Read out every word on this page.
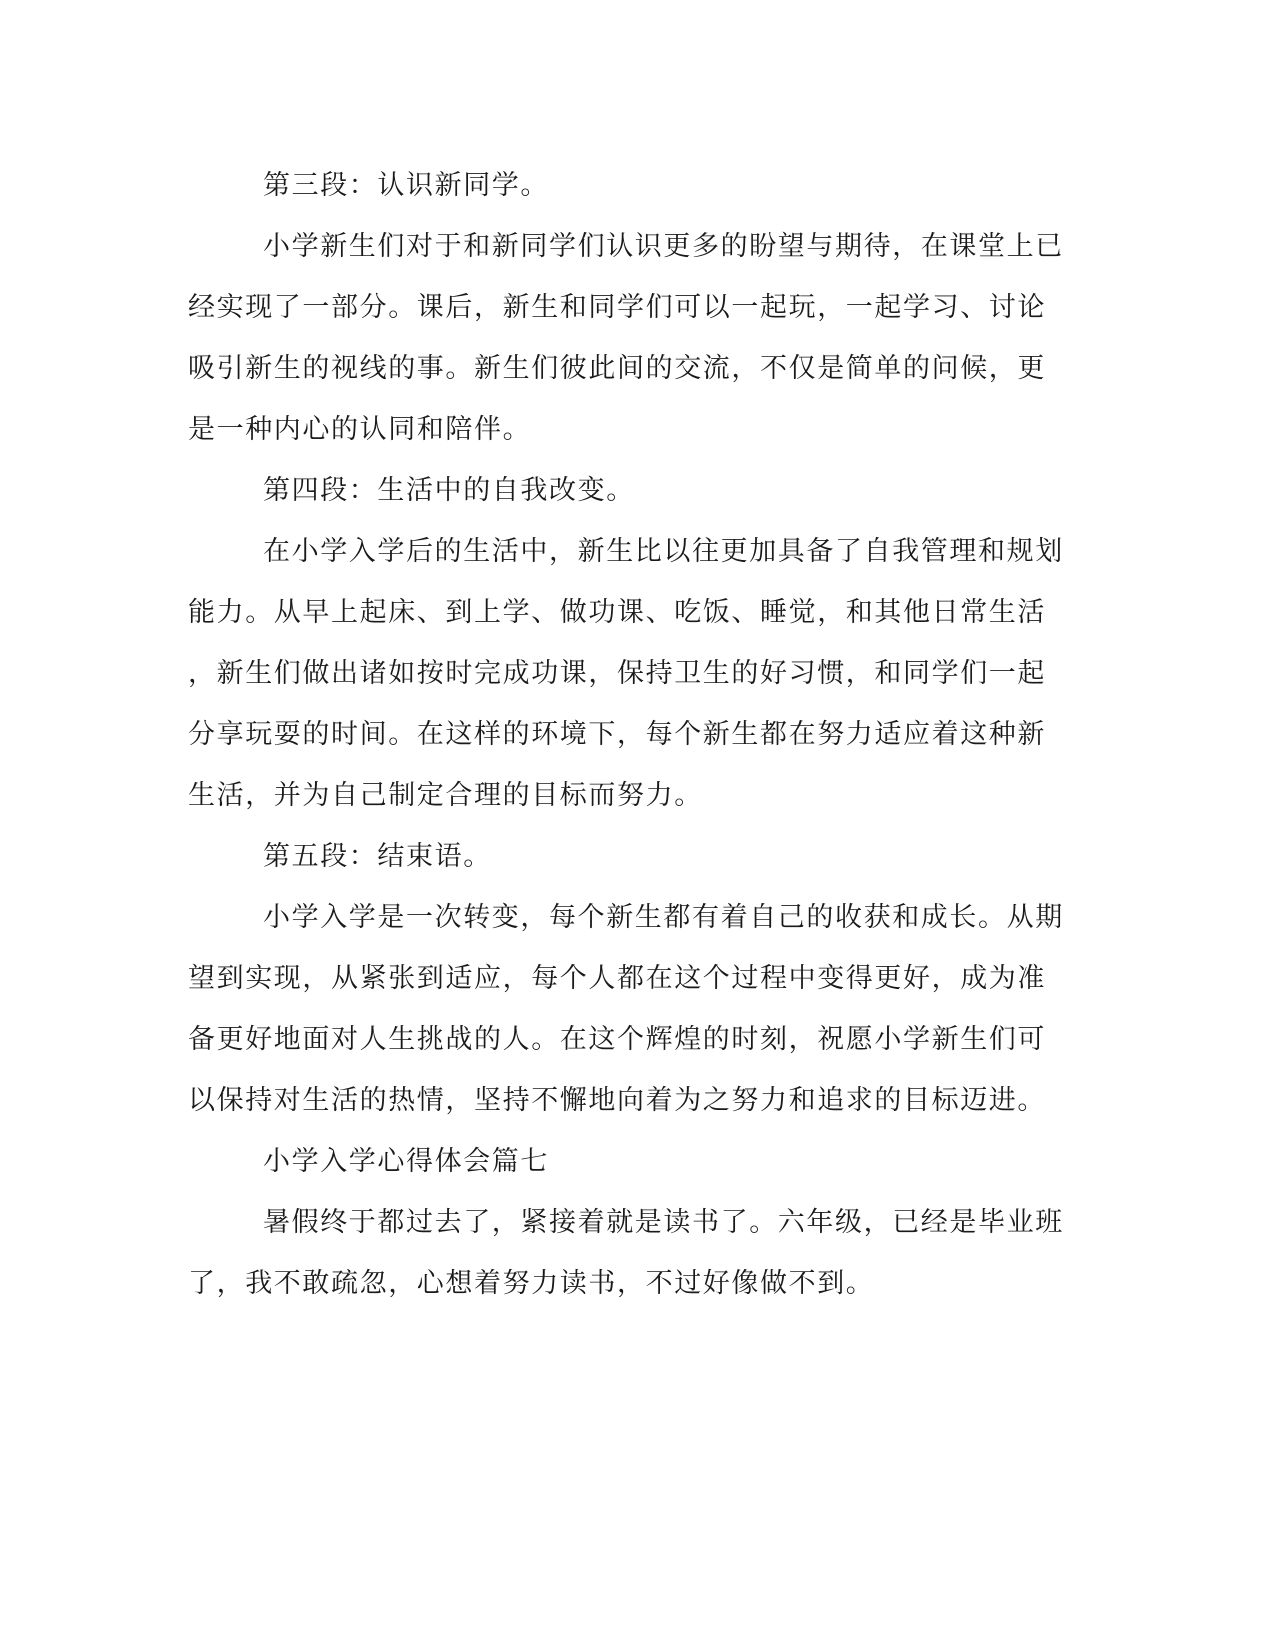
第三段：认识新同学。

小学新生们对于和新同学们认识更多的盼望与期待，在课堂上已

经实现了一部分。课后，新生和同学们可以一起玩，一起学习、讨论

吸引新生的视线的事。新生们彼此间的交流，不仅是简单的问候，更

是一种内心的认同和陪伴。

第四段：生活中的自我改变。

在小学入学后的生活中，新生比以往更加具备了自我管理和规划

能力。从早上起床、到上学、做功课、吃饭、睡觉，和其他日常生活

，新生们做出诸如按时完成功课，保持卫生的好习惯，和同学们一起

分享玩耍的时间。在这样的环境下，每个新生都在努力适应着这种新

生活，并为自己制定合理的目标而努力。

第五段：结束语。

小学入学是一次转变，每个新生都有着自己的收获和成长。从期

望到实现，从紧张到适应，每个人都在这个过程中变得更好，成为准

备更好地面对人生挑战的人。在这个辉煌的时刻，祝愿小学新生们可

以保持对生活的热情，坚持不懈地向着为之努力和追求的目标迈进。

小学入学心得体会篇七

暑假终于都过去了，紧接着就是读书了。六年级，已经是毕业班

了，我不敢疏忽，心想着努力读书，不过好像做不到。
